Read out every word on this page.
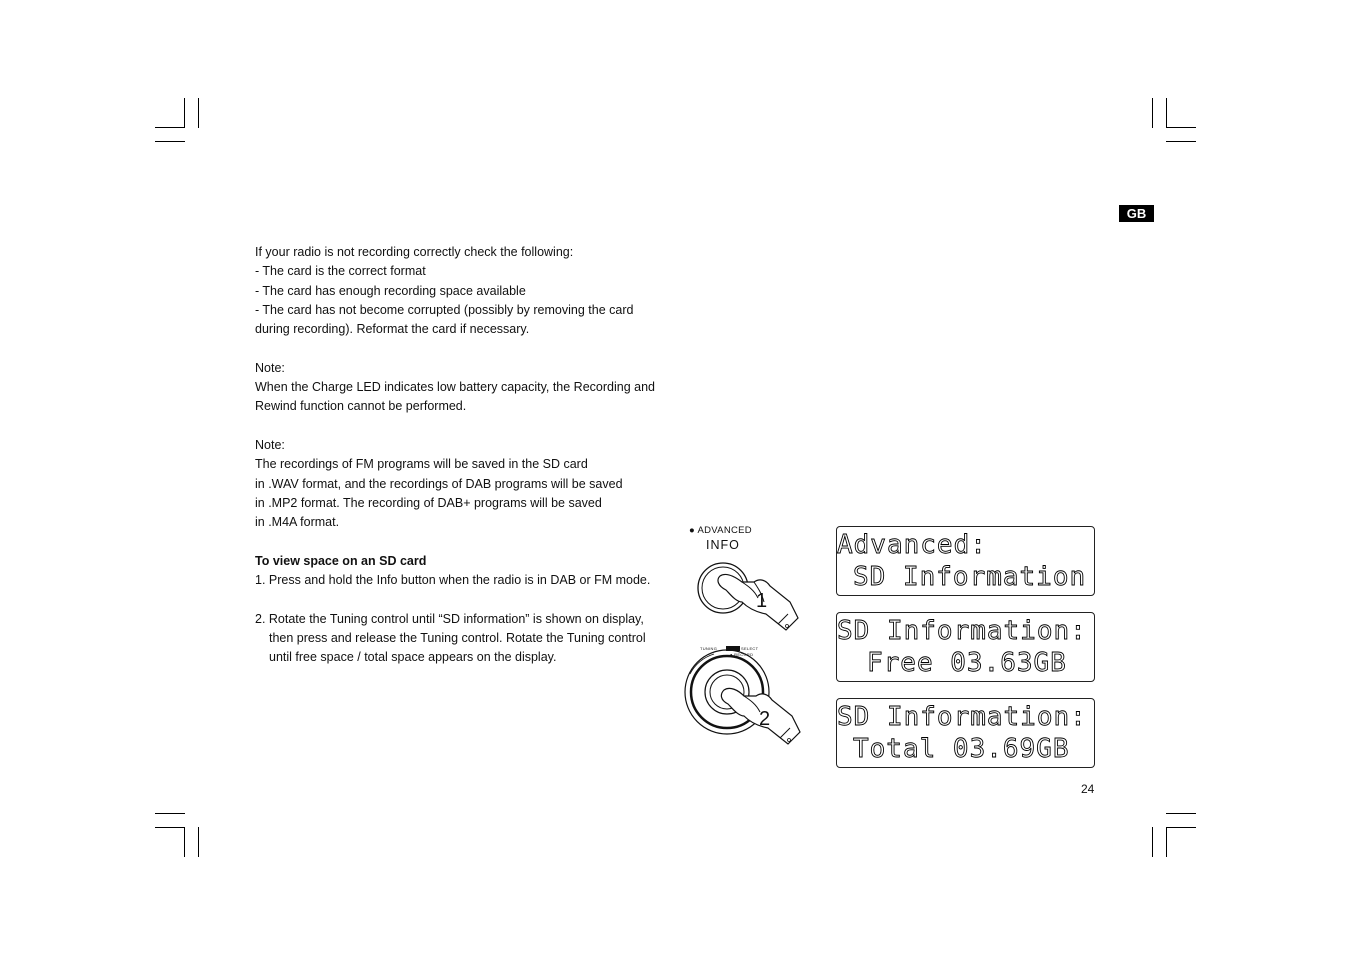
GB

If your radio is not recording correctly check the following:

- The card is the correct format

- The card has enough recording space available

- The card has not become corrupted (possibly by removing the card

during recording). Reformat the card if necessary.

Note:

When the Charge LED indicates low battery capacity, the Recording and

Rewind function cannot be performed.

Note:

The recordings of FM programs will be saved in the SD card

in .WAV format, and the recordings of DAB programs will be saved

in .MP2 format. The recording of DAB+ programs will be saved

in .M4A format.

To view space on an SD card

1. Press and hold the Info button when the radio is in DAB or FM mode.

2. Rotate the Tuning control until “SD information” is shown on display,

then press and release the Tuning control. Rotate the Tuning control

until free space / total space appears on the display.

● ADVANCED
INFO
1
TUNING	SELECT
● RECORD
2
Advanced:
SD Information
SD Information:
Free 03.63GB
SD Information:
Total 03.69GB
24
